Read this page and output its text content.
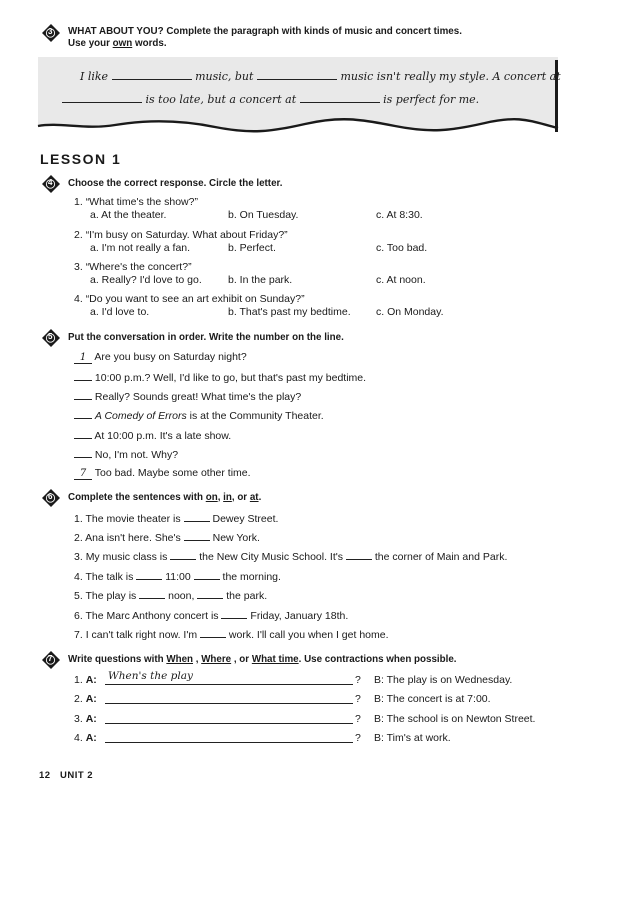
3 WHAT ABOUT YOU? Complete the paragraph with kinds of music and concert times.
Use your own words.
I like	music, but	music isn't really my style. A concert at
is too late, but a concert at	is perfect for me.
LESSON 1
4 Choose the correct response. Circle the letter.
1. “What time's the show?”
a. At the theater.	b. On Tuesday.	c. At 8:30.
2. “I'm busy on Saturday. What about Friday?”
a. I'm not really a fan.	b. Perfect.	c. Too bad.
3. “Where's the concert?”
a. Really? I'd love to go.	b. In the park.	c. At noon.
4. “Do you want to see an art exhibit on Sunday?”
a. I'd love to.	b. That's past my bedtime. c. On Monday.
5 Put the conversation in order. Write the number on the line.
1 Are you busy on Saturday night?
10:00 p.m.? Well, I'd like to go, but that's past my bedtime.
Really? Sounds great! What time's the play?
A Comedy of Errors is at the Community Theater.
At 10:00 p.m. It's a late show.
No, I'm not. Why?
7 Too bad. Maybe some other time.
6 Complete the sentences with on, in, or at.
1. The movie theater is	Dewey Street.
2. Ana isn't here. She's	New York.
3. My music class is	the New City Music School. It's	the corner of Main and Park.
4. The talk is	11:00	the morning.
5. The play is	noon,	the park.
6. The Marc Anthony concert is	Friday, January 18th.
7. I can't talk right now. I'm	work. I'll call you when I get home.
7 Write questions with When , Where , or What time. Use contractions when possible.
1. A: When's the play	? B: The play is on Wednesday.
2. A:	? B: The concert is at 7:00.
3. A:	? B: The school is on Newton Street.
4. A:	? B: Tim's at work.
12 UNIT 2
